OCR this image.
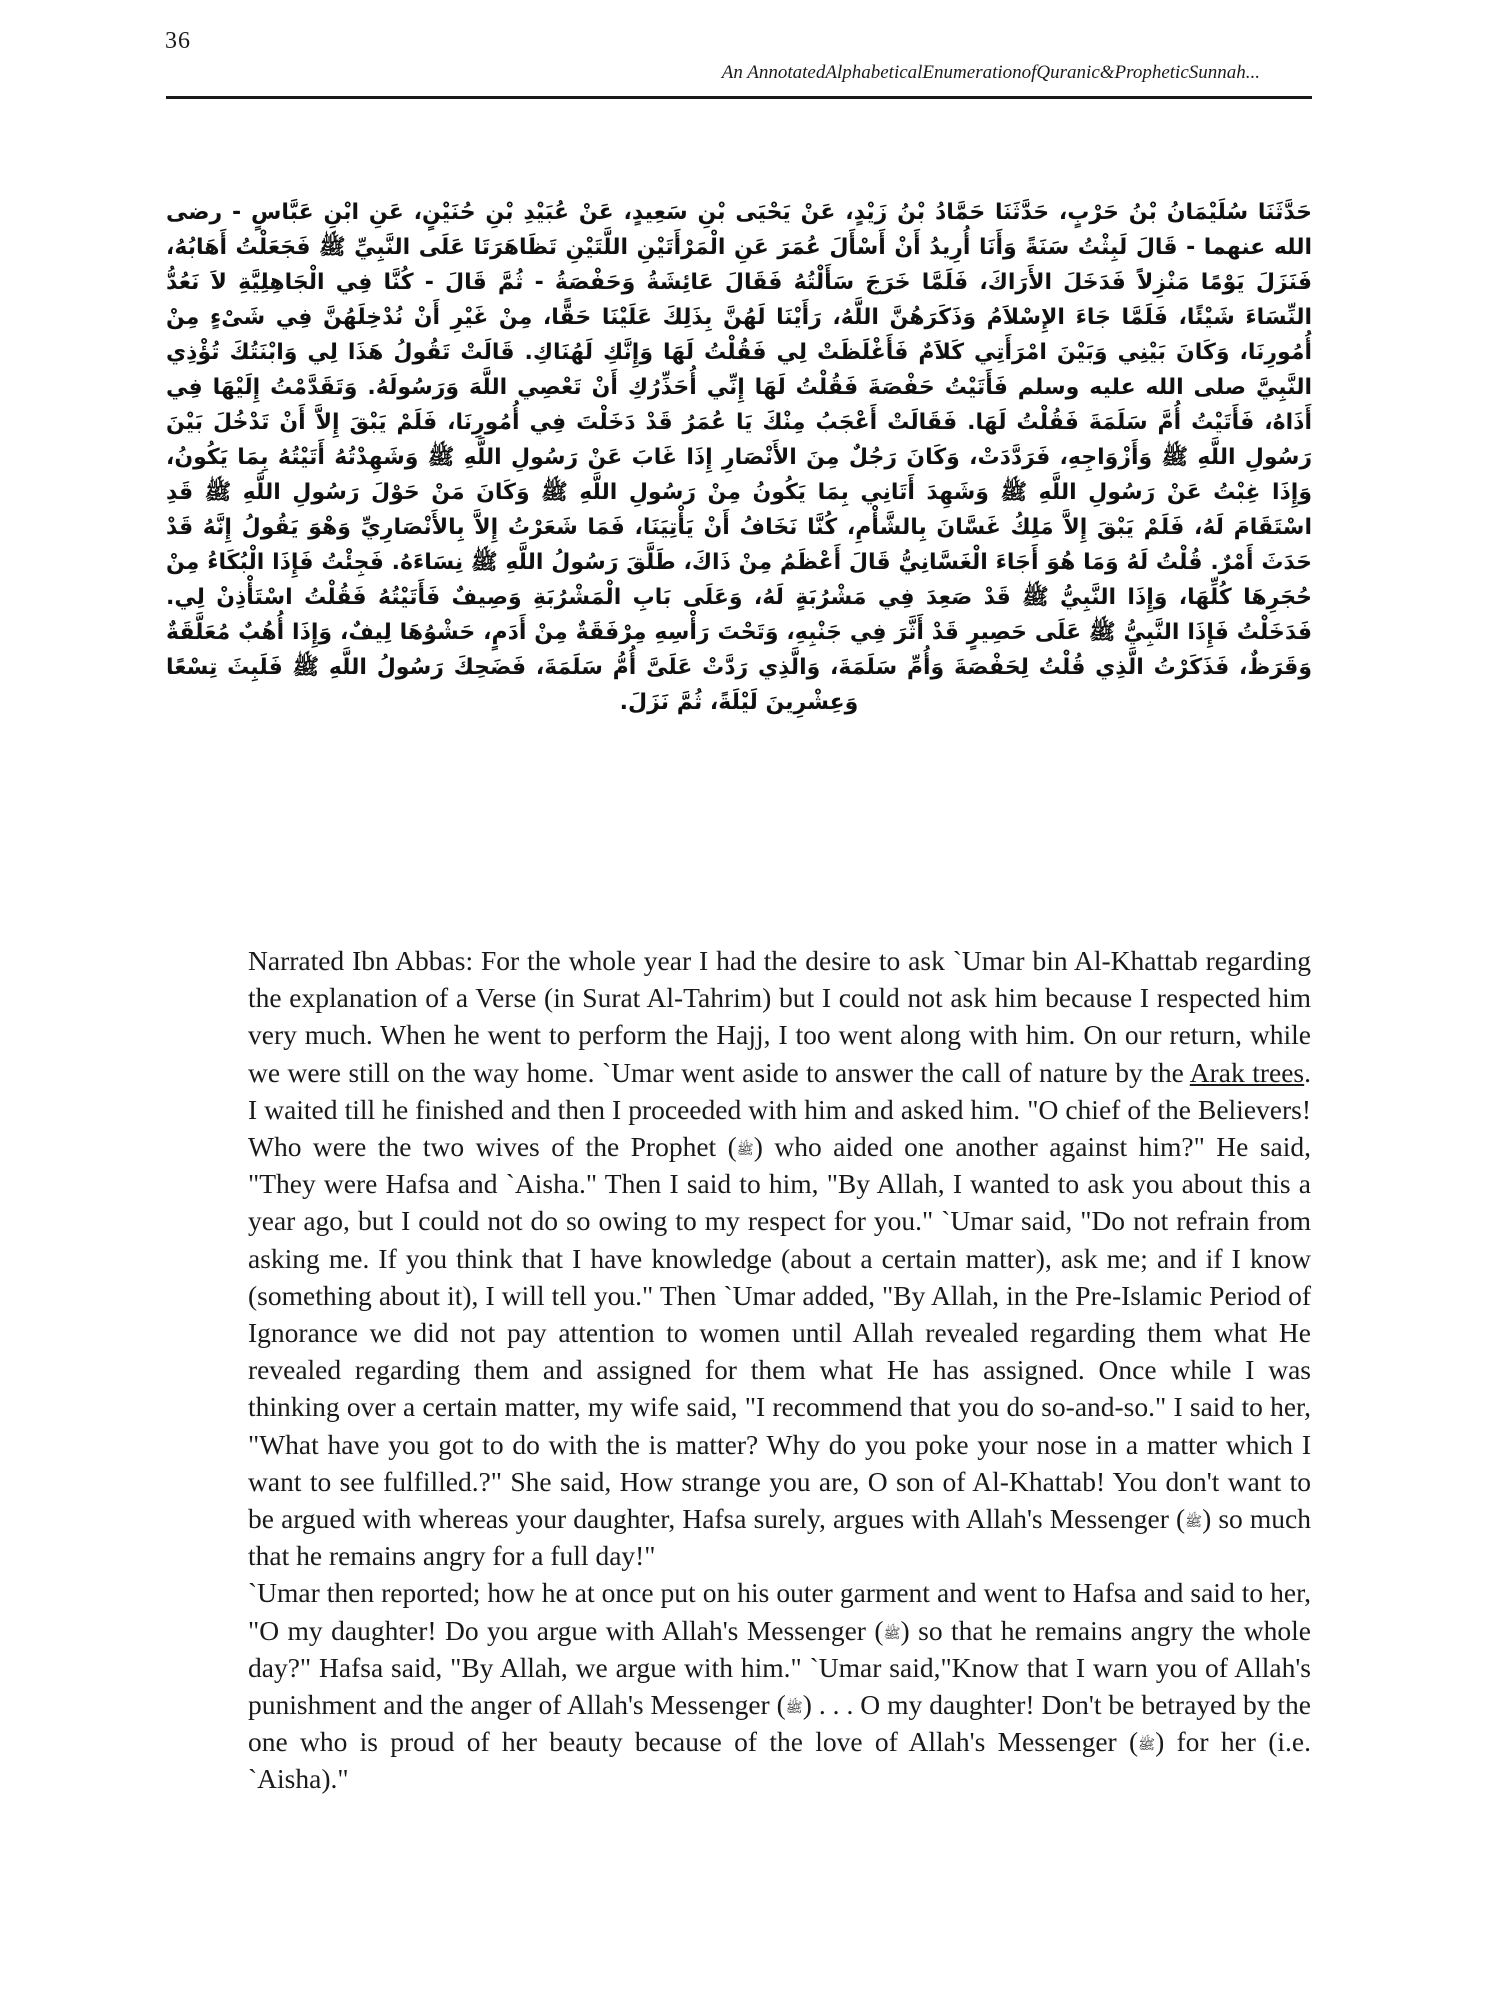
36
An AnnotatedAlphabeticalEnumerationofQuranic&PropheticSunnah...
حَدَّثَنَا سُلَيْمَانُ بْنُ حَرْبٍ، حَدَّثَنَا حَمَّادُ بْنُ زَيْدٍ، عَنْ يَحْيَى بْنِ سَعِيدٍ، عَنْ عُبَيْدِ بْنِ حُنَيْنٍ، عَنِ ابْنِ عَبَّاسٍ - رضى الله عنهما - قَالَ لَبِثْتُ سَنَةً وَأَنَا أُرِيدُ أَنْ أَسْأَلَ عُمَرَ عَنِ الْمَرْأَتَيْنِ اللَّتَيْنِ تَظَاهَرَتَا عَلَى النَّبِيِّ ﷺ فَجَعَلْتُ أَهَابُهُ، فَنَزَلَ يَوْمًا مَنْزِلاً فَدَخَلَ الأَرَاكَ، فَلَمَّا خَرَجَ سَأَلْتُهُ فَقَالَ عَائِشَةُ وَحَفْصَةُ - ثُمَّ قَالَ - كُنَّا فِي الْجَاهِلِيَّةِ لاَ نَعُدُّ النِّسَاءَ شَيْئًا، فَلَمَّا جَاءَ الإِسْلاَمُ وَذَكَرَهُنَّ اللَّهُ، رَأَيْنَا لَهُنَّ بِذَلِكَ عَلَيْنَا حَقًّا، مِنْ غَيْرِ أَنْ نُدْخِلَهُنَّ فِي شَىْءٍ مِنْ أُمُورِنَا، وَكَانَ بَيْنِي وَبَيْنَ امْرَأَتِي كَلاَمٌ فَأَغْلَظَتْ لِي فَقُلْتُ لَهَا وَإِنَّكِ لَهُنَاكِ‏.‏ قَالَتْ تَقُولُ هَذَا لِي وَابْنَتُكَ تُؤْذِي النَّبِيَّ صلى الله عليه وسلم فَأَتَيْتُ حَفْصَةَ فَقُلْتُ لَهَا إِنِّي أُحَذِّرُكِ أَنْ تَعْصِي اللَّهَ وَرَسُولَهُ‏.‏ وَتَقَدَّمْتُ إِلَيْهَا فِي أَذَاهُ، فَأَتَيْتُ أُمَّ سَلَمَةَ فَقُلْتُ لَهَا‏.‏ فَقَالَتْ أَعْجَبُ مِنْكَ يَا عُمَرُ قَدْ دَخَلْتَ فِي أُمُورِنَا، فَلَمْ يَبْقَ إِلاَّ أَنْ تَدْخُلَ بَيْنَ رَسُولِ اللَّهِ ﷺ وَأَزْوَاجِهِ، فَرَدَّدَتْ، وَكَانَ رَجُلٌ مِنَ الأَنْصَارِ إِذَا غَابَ عَنْ رَسُولِ اللَّهِ ﷺ وَشَهِدْتُهُ أَتَيْتُهُ بِمَا يَكُونُ، وَإِذَا غِبْتُ عَنْ رَسُولِ اللَّهِ ﷺ وَشَهِدَ أَتَانِي بِمَا يَكُونُ مِنْ رَسُولِ اللَّهِ ﷺ وَكَانَ مَنْ حَوْلَ رَسُولِ اللَّهِ ﷺ قَدِ اسْتَقَامَ لَهُ، فَلَمْ يَبْقَ إِلاَّ مَلِكُ غَسَّانَ بِالشَّأْمِ، كُنَّا نَخَافُ أَنْ يَأْتِيَنَا، فَمَا شَعَرْتُ إِلاَّ بِالأَنْصَارِيِّ وَهْوَ يَقُولُ إِنَّهُ قَدْ حَدَثَ أَمْرٌ‏.‏ قُلْتُ لَهُ وَمَا هُوَ أَجَاءَ الْغَسَّانِيُّ قَالَ أَعْظَمُ مِنْ ذَاكَ، طَلَّقَ رَسُولُ اللَّهِ ﷺ نِسَاءَهُ‏.‏ فَجِئْتُ فَإِذَا الْبُكَاءُ مِنْ حُجَرِهَا كُلِّهَا، وَإِذَا النَّبِيُّ ﷺ قَدْ صَعِدَ فِي مَشْرُبَةٍ لَهُ، وَعَلَى بَابِ الْمَشْرُبَةِ وَصِيفٌ فَأَتَيْتُهُ فَقُلْتُ اسْتَأْذِنْ لِي‏.‏ فَدَخَلْتُ فَإِذَا النَّبِيُّ ﷺ عَلَى حَصِيرٍ قَدْ أَثَّرَ فِي جَنْبِهِ، وَتَحْتَ رَأْسِهِ مِرْفَقَةٌ مِنْ أَدَمٍ، حَشْوُهَا لِيفٌ، وَإِذَا أُهُبٌ مُعَلَّقَةٌ وَقَرَظٌ، فَذَكَرْتُ الَّذِي قُلْتُ لِحَفْصَةَ وَأُمِّ سَلَمَةَ، وَالَّذِي رَدَّتْ عَلَىَّ أُمُّ سَلَمَةَ، فَضَحِكَ رَسُولُ اللَّهِ ﷺ فَلَبِثَ تِسْعًا وَعِشْرِينَ لَيْلَةً، ثُمَّ نَزَلَ‏.‏
Narrated Ibn Abbas: For the whole year I had the desire to ask `Umar bin Al-Khattab regarding the explanation of a Verse (in Surat Al-Tahrim) but I could not ask him because I respected him very much. When he went to perform the Hajj, I too went along with him. On our return, while we were still on the way home. `Umar went aside to answer the call of nature by the Arak trees. I waited till he finished and then I proceeded with him and asked him. "O chief of the Believers! Who were the two wives of the Prophet (ﷺ) who aided one another against him?" He said, "They were Hafsa and `Aisha." Then I said to him, "By Allah, I wanted to ask you about this a year ago, but I could not do so owing to my respect for you." `Umar said, "Do not refrain from asking me. If you think that I have knowledge (about a certain matter), ask me; and if I know (something about it), I will tell you." Then `Umar added, "By Allah, in the Pre-Islamic Period of Ignorance we did not pay attention to women until Allah revealed regarding them what He revealed regarding them and assigned for them what He has assigned. Once while I was thinking over a certain matter, my wife said, "I recommend that you do so-and-so." I said to her, "What have you got to do with the is matter? Why do you poke your nose in a matter which I want to see fulfilled.?" She said, How strange you are, O son of Al-Khattab! You don't want to be argued with whereas your daughter, Hafsa surely, argues with Allah's Messenger (ﷺ) so much that he remains angry for a full day!"
`Umar then reported; how he at once put on his outer garment and went to Hafsa and said to her, "O my daughter! Do you argue with Allah's Messenger (ﷺ) so that he remains angry the whole day?" Hafsa said, "By Allah, we argue with him." `Umar said,"Know that I warn you of Allah's punishment and the anger of Allah's Messenger (ﷺ) . . . O my daughter! Don't be betrayed by the one who is proud of her beauty because of the love of Allah's Messenger (ﷺ) for her (i.e. `Aisha)."
